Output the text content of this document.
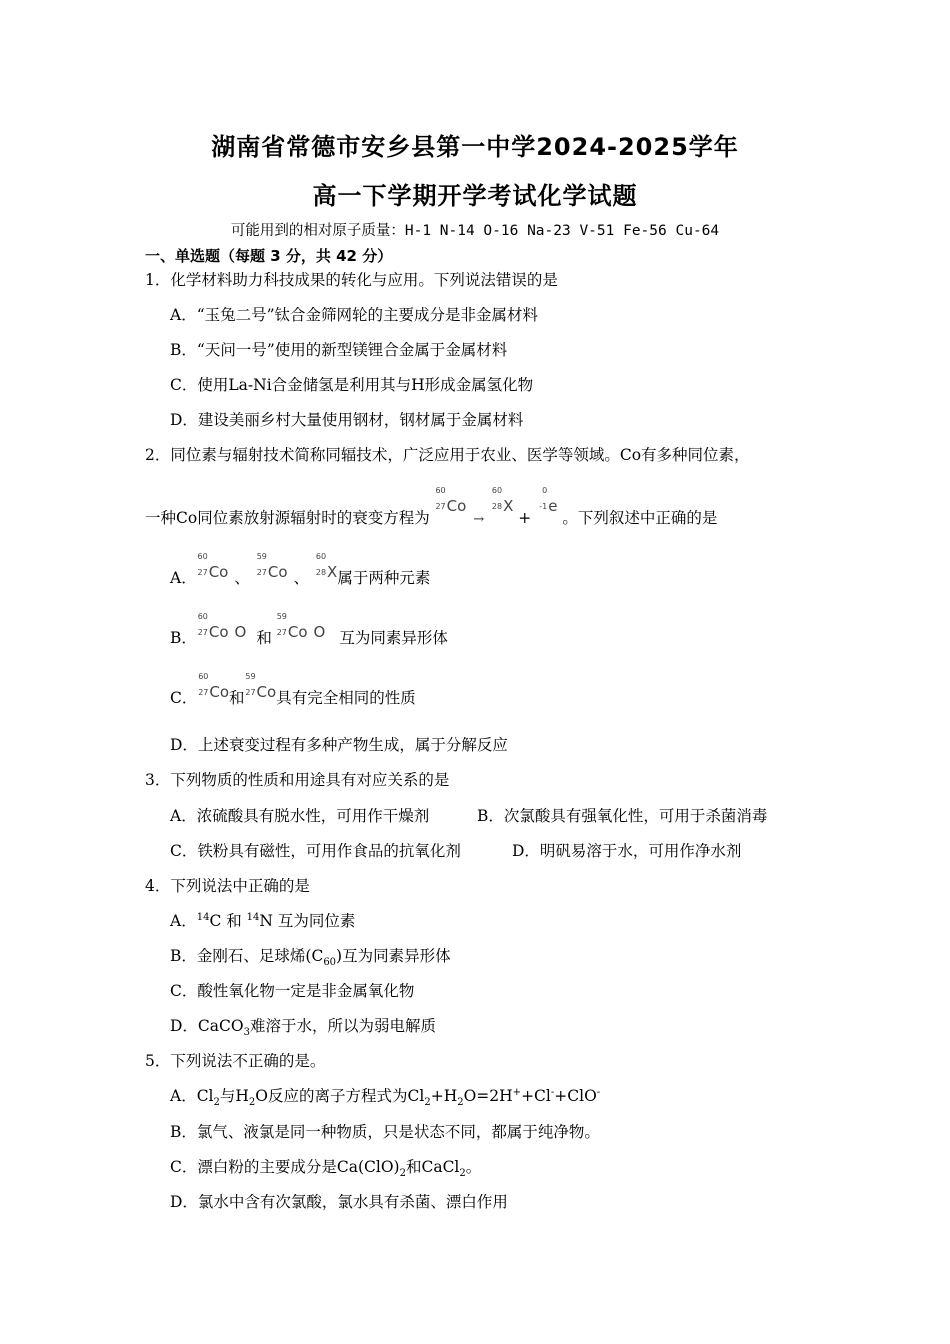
湖南省常德市安乡县第一中学2024-2025学年
高一下学期开学考试化学试题
可能用到的相对原子质量：H-1 N-14 O-16 Na-23 V-51 Fe-56 Cu-64
一、单选题（每题 3 分，共 42 分）
1．化学材料助力科技成果的转化与应用。下列说法错误的是
A．“玉兔二号”钛合金筛网轮的主要成分是非金属材料
B．“天问一号”使用的新型镁锂合金属于金属材料
C．使用La-Ni合金储氢是利用其与H形成金属氢化物
D．建设美丽乡村大量使用钢材，钢材属于金属材料
2．同位素与辐射技术简称同辐技术，广泛应用于农业、医学等领域。Co有多种同位素，
一种Co同位素放射源辐射时的衰变方程为
60
27 Co →
60
28 X +
0
-1 e 。下列叙述中正确的是
A．
60
27 Co 、
59
27 Co 、
60
28 X属于两种元素
B．
60
27 Co O 和
59
27 Co O 互为同素异形体
C．
60
27 Co和
59
27 Co具有完全相同的性质
D．上述衰变过程有多种产物生成，属于分解反应
3．下列物质的性质和用途具有对应关系的是
A．浓硫酸具有脱水性，可用作干燥剂	B．次氯酸具有强氧化性，可用于杀菌消毒
C．铁粉具有磁性，可用作食品的抗氧化剂	D．明矾易溶于水，可用作净水剂
4．下列说法中正确的是
A．$^{14}$C 和 $^{14}$N 互为同位素
B．金刚石、足球烯$(C_{60})$互为同素异形体
C．酸性氧化物一定是非金属氧化物
D．CaCO$_3$难溶于水，所以为弱电解质
5．下列说法不正确的是。
A．$Cl_2$与$H_2O$反应的离子方程式为$Cl_2+H_2O=2H^++Cl^-+ClO^-$
B．氯气、液氯是同一种物质，只是状态不同，都属于纯净物。
C．漂白粉的主要成分是$Ca(ClO)_2$和CaCl$_2$。
D．氯水中含有次氯酸，氯水具有杀菌、漂白作用
